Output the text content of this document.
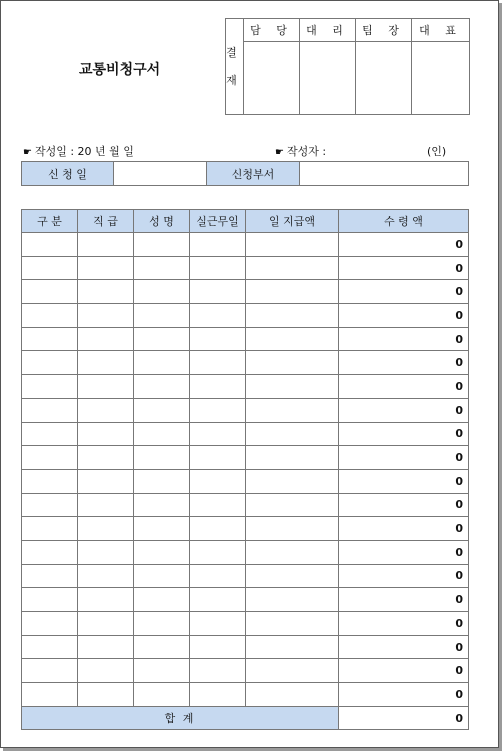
교통비청구서
결
재	담 당	대 리	팀 장	대 표

☛ 작성일 : 20 년 월 일	☛ 작성자 :	(인)
신 청 일		신청부서	
구 분	직 급	성 명	실근무일	일 지급액	수 령 액
					0
					0
					0
					0
					0
					0
					0
					0
					0
					0
					0
					0
					0
					0
					0
					0
					0
					0
					0
					0
합 계					0
